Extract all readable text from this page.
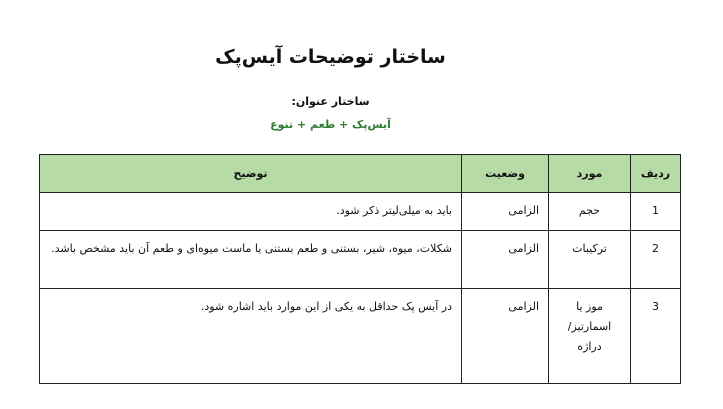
ساختار توضیحات آیس‌پک
ساختار عنوان:
آیس‌پک + طعم + تنوع
ردیف	مورد	وضعیت	توضیح
1	حجم	الزامی	باید به میلی‌لیتر ذکر شود.
2	ترکیبات	الزامی	شکلات، میوه، شیر، بستنی و طعم بستنی یا ماست میوه‌ای و طعم آن باید مشخص باشد.
3	موز یا اسمارتیز/ دراژه	الزامی	در آیس پک حداقل به یکی از این موارد باید اشاره شود.
